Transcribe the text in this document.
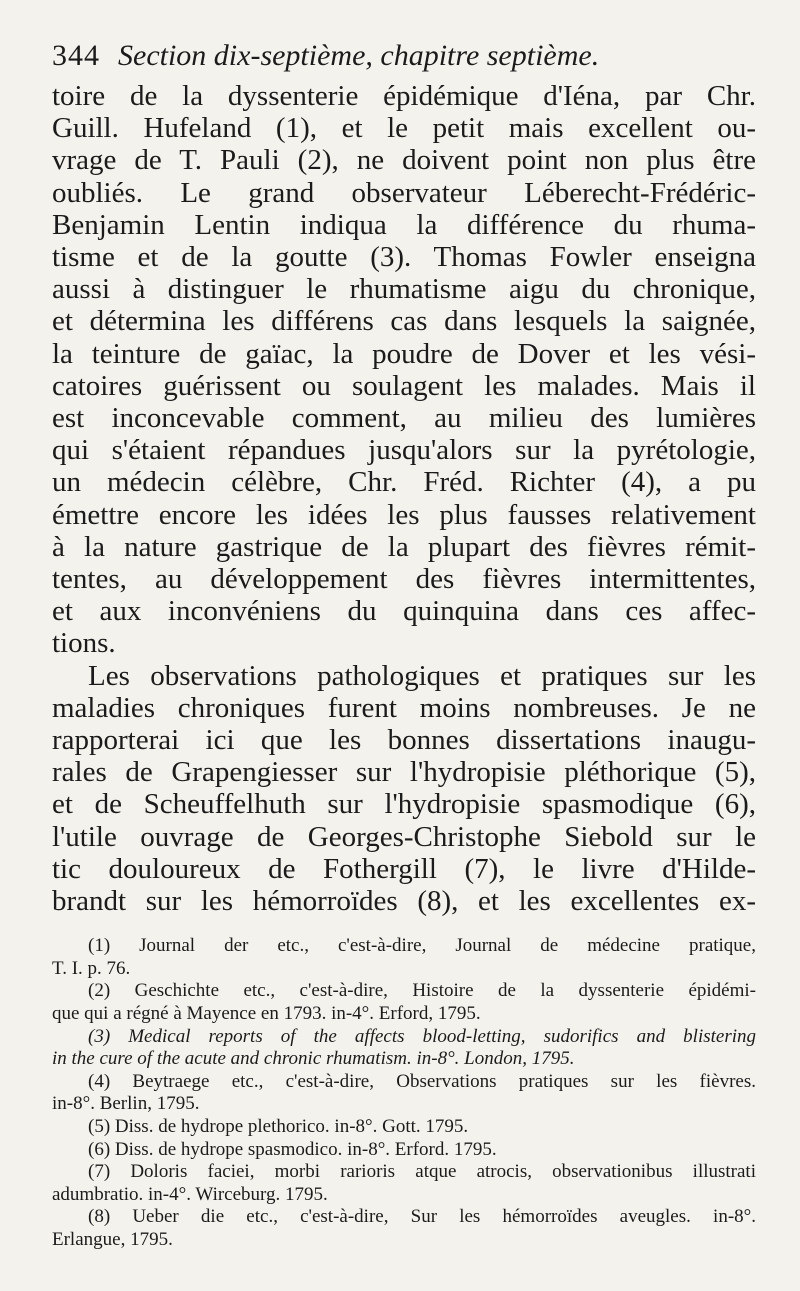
344 Section dix-septième, chapitre septième.
toire de la dyssenterie épidémique d'Iéna, par Chr.
Guill. Hufeland (1), et le petit mais excellent ou-
vrage de T. Pauli (2), ne doivent point non plus être
oubliés. Le grand observateur Léberecht-Frédéric-
Benjamin Lentin indiqua la différence du rhuma-
tisme et de la goutte (3). Thomas Fowler enseigna
aussi à distinguer le rhumatisme aigu du chronique,
et détermina les différens cas dans lesquels la saignée,
la teinture de gaïac, la poudre de Dover et les vési-
catoires guérissent ou soulagent les malades. Mais il
est inconcevable comment, au milieu des lumières
qui s'étaient répandues jusqu'alors sur la pyrétologie,
un médecin célèbre, Chr. Fréd. Richter (4), a pu
émettre encore les idées les plus fausses relativement
à la nature gastrique de la plupart des fièvres rémit-
tentes, au développement des fièvres intermittentes,
et aux inconvéniens du quinquina dans ces affec-
tions.
Les observations pathologiques et pratiques sur les
maladies chroniques furent moins nombreuses. Je ne
rapporterai ici que les bonnes dissertations inaugu-
rales de Grapengiesser sur l'hydropisie pléthorique (5),
et de Scheuffelhuth sur l'hydropisie spasmodique (6),
l'utile ouvrage de Georges-Christophe Siebold sur le
tic douloureux de Fothergill (7), le livre d'Hilde-
brandt sur les hémorroïdes (8), et les excellentes ex-
(1) Journal der etc., c'est-à-dire, Journal de médecine pratique,
T. I. p. 76.
(2) Geschichte etc., c'est-à-dire, Histoire de la dyssenterie épidémi-
que qui a régné à Mayence en 1793. in-4°. Erford, 1795.
(3) Medical reports of the affects blood-letting, sudorifics and blistering
in the cure of the acute and chronic rhumatism. in-8°. London, 1795.
(4) Beytraege etc., c'est-à-dire, Observations pratiques sur les fièvres.
in-8°. Berlin, 1795.
(5) Diss. de hydrope plethorico. in-8°. Gott. 1795.
(6) Diss. de hydrope spasmodico. in-8°. Erford. 1795.
(7) Doloris faciei, morbi rarioris atque atrocis, observationibus illustrati
adumbratio. in-4°. Wirceburg. 1795.
(8) Ueber die etc., c'est-à-dire, Sur les hémorroïdes aveugles. in-8°.
Erlangue, 1795.
